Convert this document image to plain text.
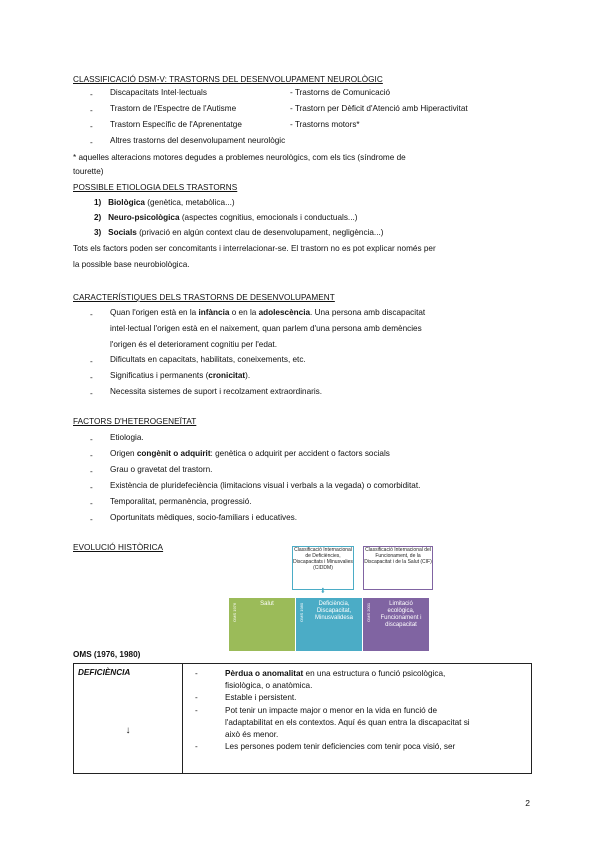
CLASSIFICACIÓ DSM-V: TRASTORNS DEL DESENVOLUPAMENT NEUROLÒGIC
- Discapacitats Intel·lectuals	- Trastorns de Comunicació
- Trastorn de l'Espectre de l'Autisme	- Trastorn per Dèficit d'Atenció amb Hiperactivitat
- Trastorn Específic de l'Aprenentatge	- Trastorns motors*
- Altres trastorns del desenvolupament neurològic
* aquelles alteracions motores degudes a problemes neurològics, com els tics (síndrome de
tourette)
POSSIBLE ETIOLOGIA DELS TRASTORNS
1) Biològica (genètica, metabòlica...)
2) Neuro-psicològica (aspectes cognitius, emocionals i conductuals...)
3) Socials (privació en algún context clau de desenvolupament, negligència...)
Tots els factors poden ser concomitants i interrelacionar-se. El trastorn no es pot explicar només per
la possible base neurobiològica.
CARACTERÍSTIQUES DELS TRASTORNS DE DESENVOLUPAMENT
- Quan l'origen està en la infància o en la adolescència. Una persona amb discapacitat
intel·lectual l'origen està en el naixement, quan parlem d'una persona amb demències
l'origen és el deteriorament cognitiu per l'edat.
- Dificultats en capacitats, habilitats, coneixements, etc.
- Significatius i permanents (cronicitat).
- Necessita sistemes de suport i recolzament extraordinaris.
FACTORS D'HETEROGENEÏTAT
- Etiologia.
- Origen congènit o adquirit: genètica o adquirit per accident o factors socials
- Grau o gravetat del trastorn.
- Existència de pluridefeciència (limitacions visual i verbals a la vegada) o comorbiditat.
- Temporalitat, permanència, progressió.
- Oportunitats mèdiques, socio-familiars i educatives.
EVOLUCIÓ HISTÒRICA	Classificació Internacional de Deficiències, Discapacitats i Minusvalies (CIDDM)
Classificació Internacional del Funcionament, de la Discapacitat i de la Salut (CIF)
⬇
OMS 1976	Salut	OMS 1980	Deficiència, Discapacitat, Minusvalidesa	OMS 2001	Limitació ecològica, Funcionament i discapacitat
OMS (1976, 1980)
DEFICIÈNCIA
↓

-	Pèrdua o anomalitat en una estructura o funció psicològica,
fisiològica, o anatòmica.
-	Estable i persistent.
-	Pot tenir un impacte major o menor en la vida en funció de
l'adaptabilitat en els contextos. Aquí és quan entra la discapacitat si
això és menor.
-	Les persones podem tenir deficiencies com tenir poca visió, ser
2
